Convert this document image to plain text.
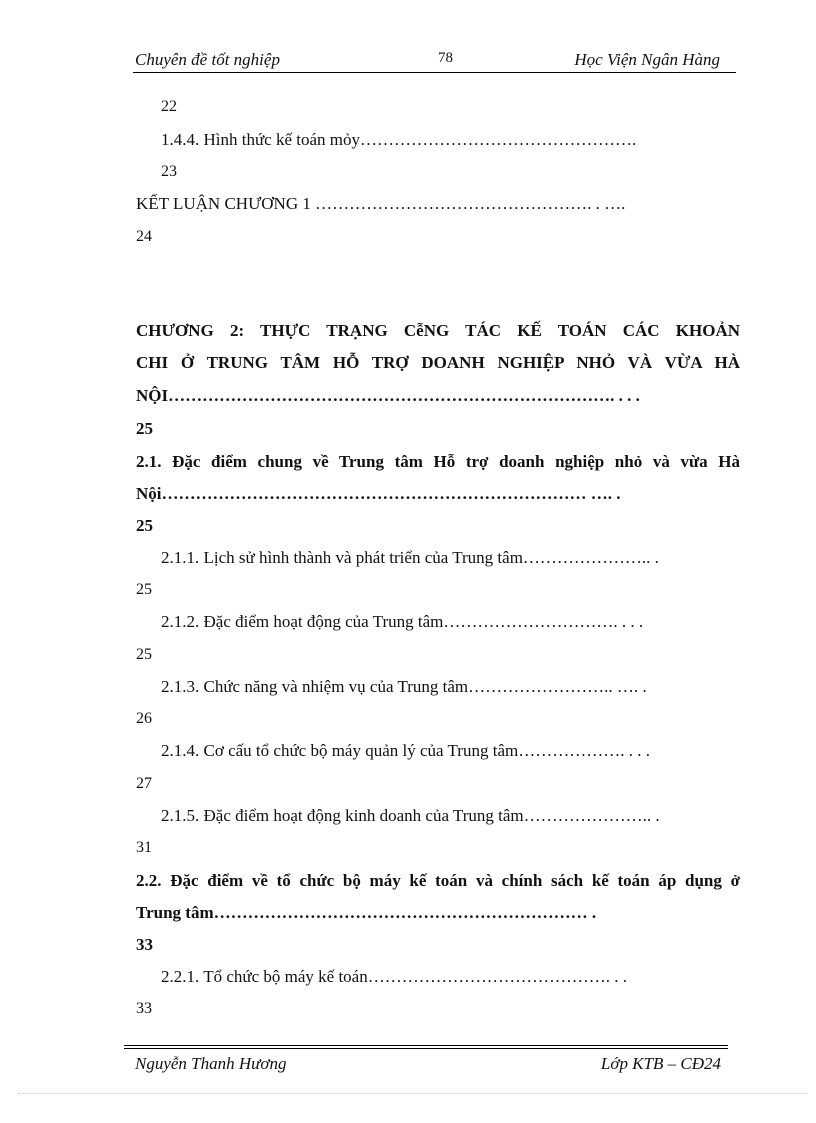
Chuyên đề tốt nghiệp	78	Học Viện Ngân Hàng
22
1.4.4. Hình thức kế toán mỏy………………………………………….
23
KẾT LUẬN CHƯƠNG 1 …………………………………………. . ….
24
CHƯƠNG 2: THỰC TRẠNG CễNG TÁC KẾ TOÁN CÁC KHOẢN
CHI Ở TRUNG TÂM HỖ TRỢ DOANH NGHIỆP NHỎ VÀ VỪA HÀ
NỘI……………………………………………………………………. . . .
25
2.1. Đặc điểm chung về Trung tâm Hỗ trợ doanh nghiệp nhỏ và vừa Hà
Nội………………………………………………………………… …. .
25
2.1.1. Lịch sử hình thành và phát triển của Trung tâm………………….. .
25
2.1.2. Đặc điểm hoạt động của Trung tâm…………………………. . . .
25
2.1.3. Chức năng và nhiệm vụ của Trung tâm…………………….. …. .
26
2.1.4. Cơ cấu tổ chức bộ máy quản lý của Trung tâm………………. . . .
27
2.1.5. Đặc điểm hoạt động kinh doanh của Trung tâm………………….. .
31
2.2. Đặc điểm về tổ chức bộ máy kế toán và chính sách kế toán áp dụng ở
Trung tâm………………………………………………………… .
33
2.2.1. Tổ chức bộ máy kế toán……………………………………. . .
33
Nguyễn Thanh Hương	Lớp KTB – CĐ24
